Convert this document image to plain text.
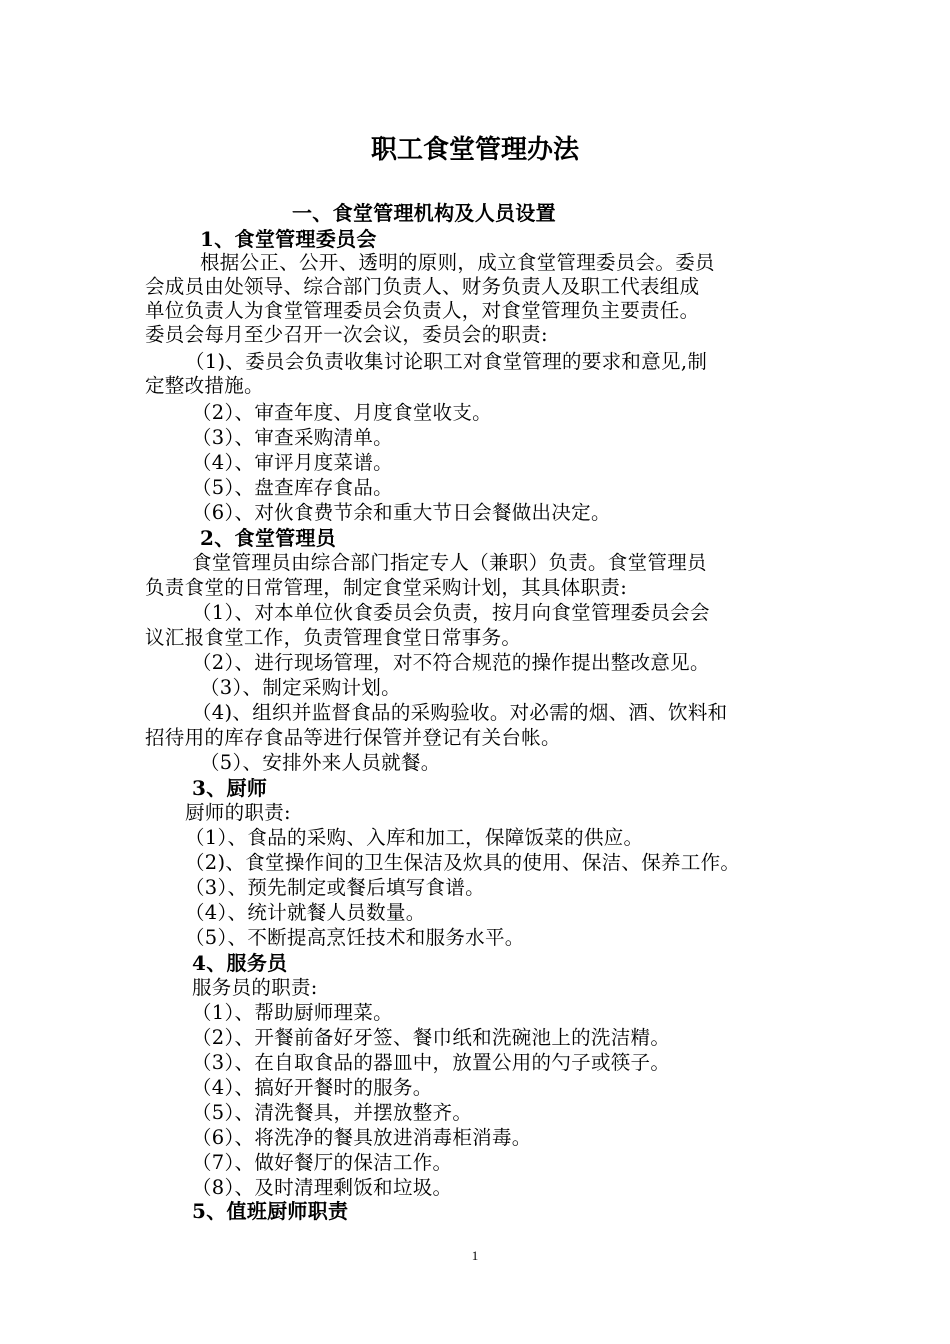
职工食堂管理办法

一、食堂管理机构及人员设置

1、食堂管理委员会

根据公正、公开、透明的原则，成立食堂管理委员会。委员

会成员由处领导、综合部门负责人、财务负责人及职工代表组成

单位负责人为食堂管理委员会负责人，对食堂管理负主要责任。

委员会每月至少召开一次会议，委员会的职责:

（1)、委员会负责收集讨论职工对食堂管理的要求和意见,制

定整改措施。

（2）、审查年度、月度食堂收支。

（3）、审查采购清单。

（4）、审评月度菜谱。

（5）、盘查库存食品。

（6）、对伙食费节余和重大节日会餐做出决定。

2、食堂管理员

食堂管理员由综合部门指定专人（兼职）负责。食堂管理员

负责食堂的日常管理，制定食堂采购计划，其具体职责:

（1）、对本单位伙食委员会负责，按月向食堂管理委员会会

议汇报食堂工作，负责管理食堂日常事务。

（2）、进行现场管理，对不符合规范的操作提出整改意见。

（3）、制定采购计划。

（4)、组织并监督食品的采购验收。对必需的烟、酒、饮料和

招待用的库存食品等进行保管并登记有关台帐。

（5）、安排外来人员就餐。

3、厨师

厨师的职责:

（1）、食品的采购、入库和加工，保障饭菜的供应。

（2)、食堂操作间的卫生保洁及炊具的使用、保洁、保养工作。

（3）、预先制定或餐后填写食谱。

（4）、统计就餐人员数量。

（5）、不断提高烹饪技术和服务水平。

4、服务员

服务员的职责:

（1）、帮助厨师理菜。

（2）、开餐前备好牙签、餐巾纸和洗碗池上的洗洁精。

（3）、在自取食品的器皿中，放置公用的勺子或筷子。

（4）、搞好开餐时的服务。

（5）、清洗餐具，并摆放整齐。

（6）、将洗净的餐具放进消毒柜消毒。

（7）、做好餐厅的保洁工作。

（8）、及时清理剩饭和垃圾。

5、值班厨师职责

1
